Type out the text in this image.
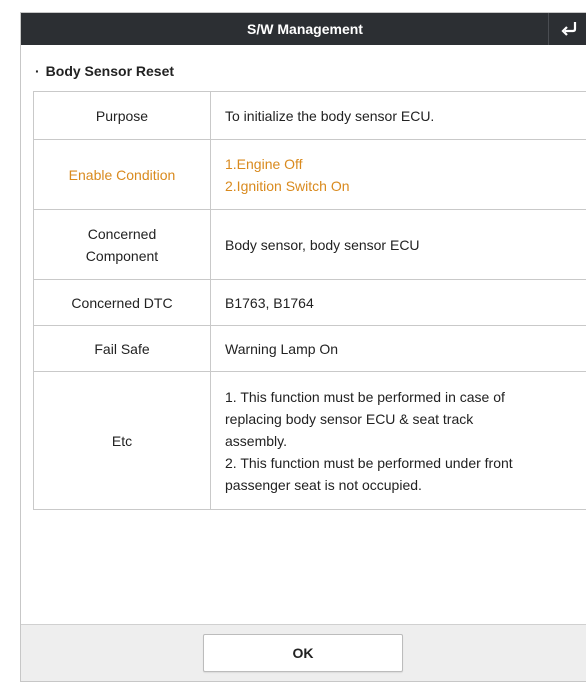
S/W Management
· Body Sensor Reset
Purpose	To initialize the body sensor ECU.

Enable Condition	1.Engine Off
2.Ignition Switch On

Concerned
Component	Body sensor, body sensor ECU

Concerned DTC	B1763, B1764

Fail Safe	Warning Lamp On

Etc	1. This function must be performed in case of
replacing body sensor ECU & seat track
assembly.
2. This function must be performed under front
passenger seat is not occupied.
OK
